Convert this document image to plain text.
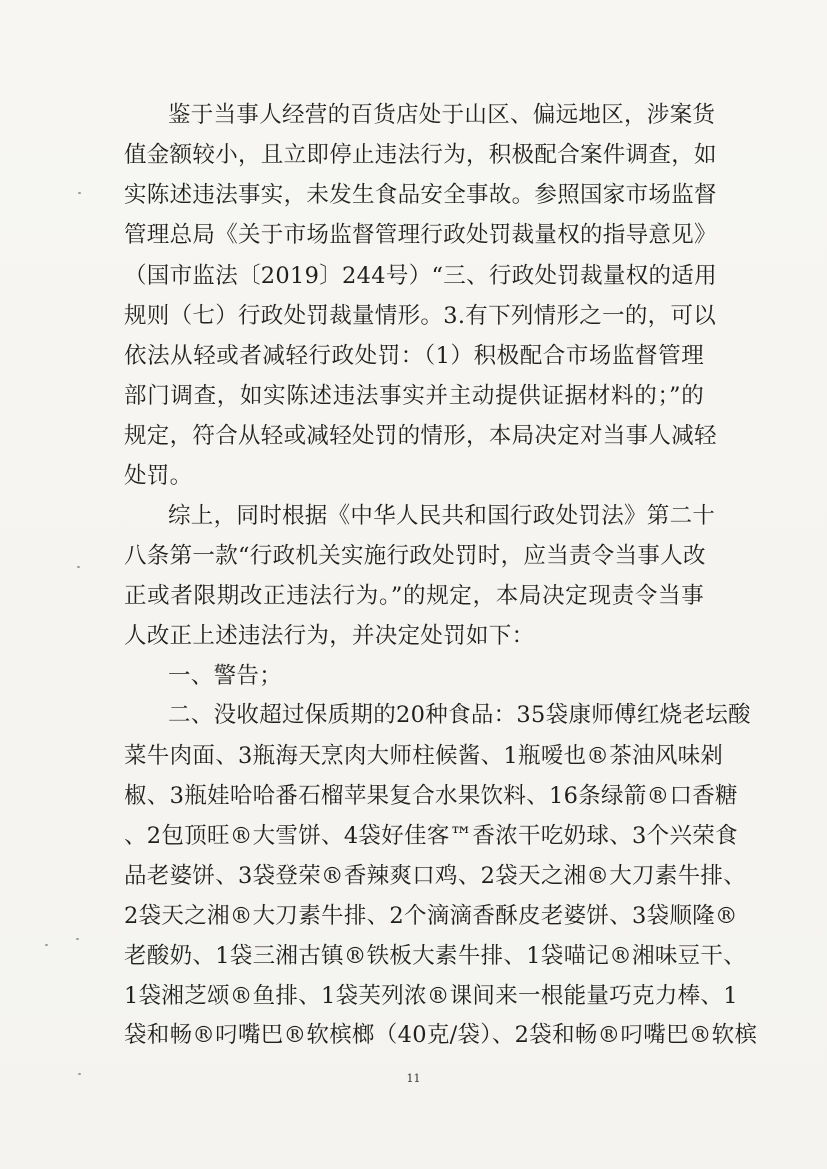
鉴于当事人经营的百货店处于山区、偏远地区，涉案货
值金额较小，且立即停止违法行为，积极配合案件调查，如
实陈述违法事实，未发生食品安全事故。参照国家市场监督
管理总局《关于市场监督管理行政处罚裁量权的指导意见》
（国市监法〔2019〕244号）“三、行政处罚裁量权的适用
规则（七）行政处罚裁量情形。3.有下列情形之一的，可以
依法从轻或者减轻行政处罚：（1）积极配合市场监督管理
部门调查，如实陈述违法事实并主动提供证据材料的；”的
规定，符合从轻或减轻处罚的情形，本局决定对当事人减轻
处罚。
综上，同时根据《中华人民共和国行政处罚法》第二十
八条第一款“行政机关实施行政处罚时，应当责令当事人改
正或者限期改正违法行为。”的规定，本局决定现责令当事
人改正上述违法行为，并决定处罚如下：
一、警告；
二、没收超过保质期的20种食品：35袋康师傅红烧老坛酸
菜牛肉面、3瓶海天烹肉大师柱候酱、1瓶嗳也®茶油风味剁
椒、3瓶娃哈哈番石榴苹果复合水果饮料、16条绿箭®口香糖
、2包顶旺®大雪饼、4袋好佳客™香浓干吃奶球、3个兴荣食
品老婆饼、3袋登荣®香辣爽口鸡、2袋天之湘®大刀素牛排、
2袋天之湘®大刀素牛排、2个滴滴香酥皮老婆饼、3袋顺隆®
老酸奶、1袋三湘古镇®铁板大素牛排、1袋喵记®湘味豆干、
1袋湘芝颂®鱼排、1袋芙列浓®课间来一根能量巧克力棒、1
袋和畅®叼嘴巴®软槟榔（40克/袋）、2袋和畅®叼嘴巴®软槟
11
